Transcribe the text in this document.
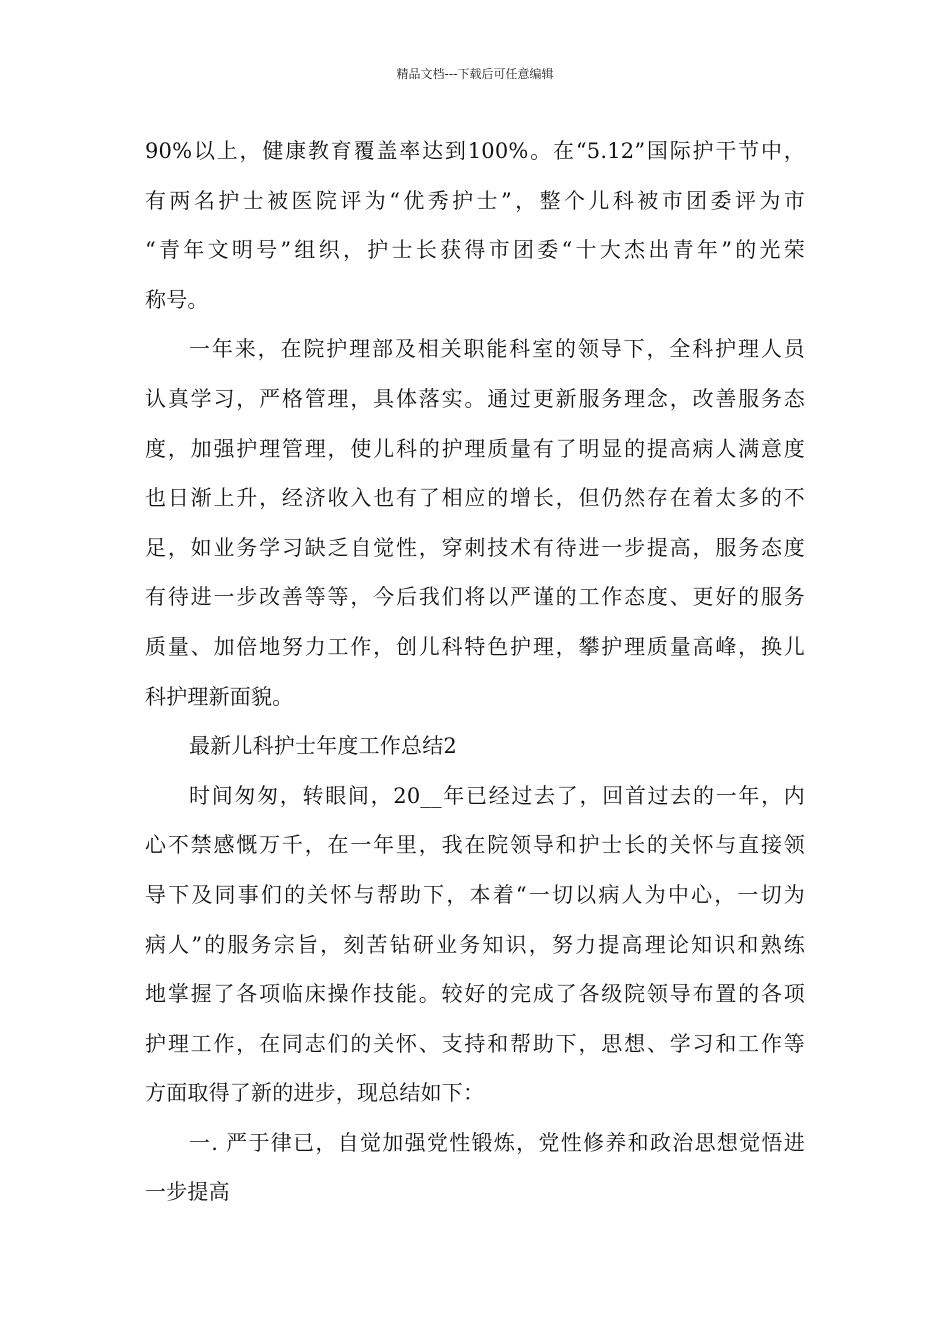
精品文档---下载后可任意编辑
90%以上，健康教育覆盖率达到100%。在“5.12”国际护干节中，
有两名护士被医院评为“优秀护士”，整个儿科被市团委评为市
“青年文明号”组织，护士长获得市团委“十大杰出青年”的光荣
称号。
一年来，在院护理部及相关职能科室的领导下，全科护理人员
认真学习，严格管理，具体落实。通过更新服务理念，改善服务态
度，加强护理管理，使儿科的护理质量有了明显的提高病人满意度
也日渐上升，经济收入也有了相应的增长，但仍然存在着太多的不
足，如业务学习缺乏自觉性，穿刺技术有待进一步提高，服务态度
有待进一步改善等等，今后我们将以严谨的工作态度、更好的服务
质量、加倍地努力工作，创儿科特色护理，攀护理质量高峰，换儿
科护理新面貌。
最新儿科护士年度工作总结2
时间匆匆，转眼间，20__年已经过去了，回首过去的一年，内
心不禁感慨万千，在一年里，我在院领导和护士长的关怀与直接领
导下及同事们的关怀与帮助下，本着“一切以病人为中心，一切为
病人”的服务宗旨，刻苦钻研业务知识，努力提高理论知识和熟练
地掌握了各项临床操作技能。较好的完成了各级院领导布置的各项
护理工作，在同志们的关怀、支持和帮助下，思想、学习和工作等
方面取得了新的进步，现总结如下：
一. 严于律已，自觉加强党性锻炼，党性修养和政治思想觉悟进
一步提高
